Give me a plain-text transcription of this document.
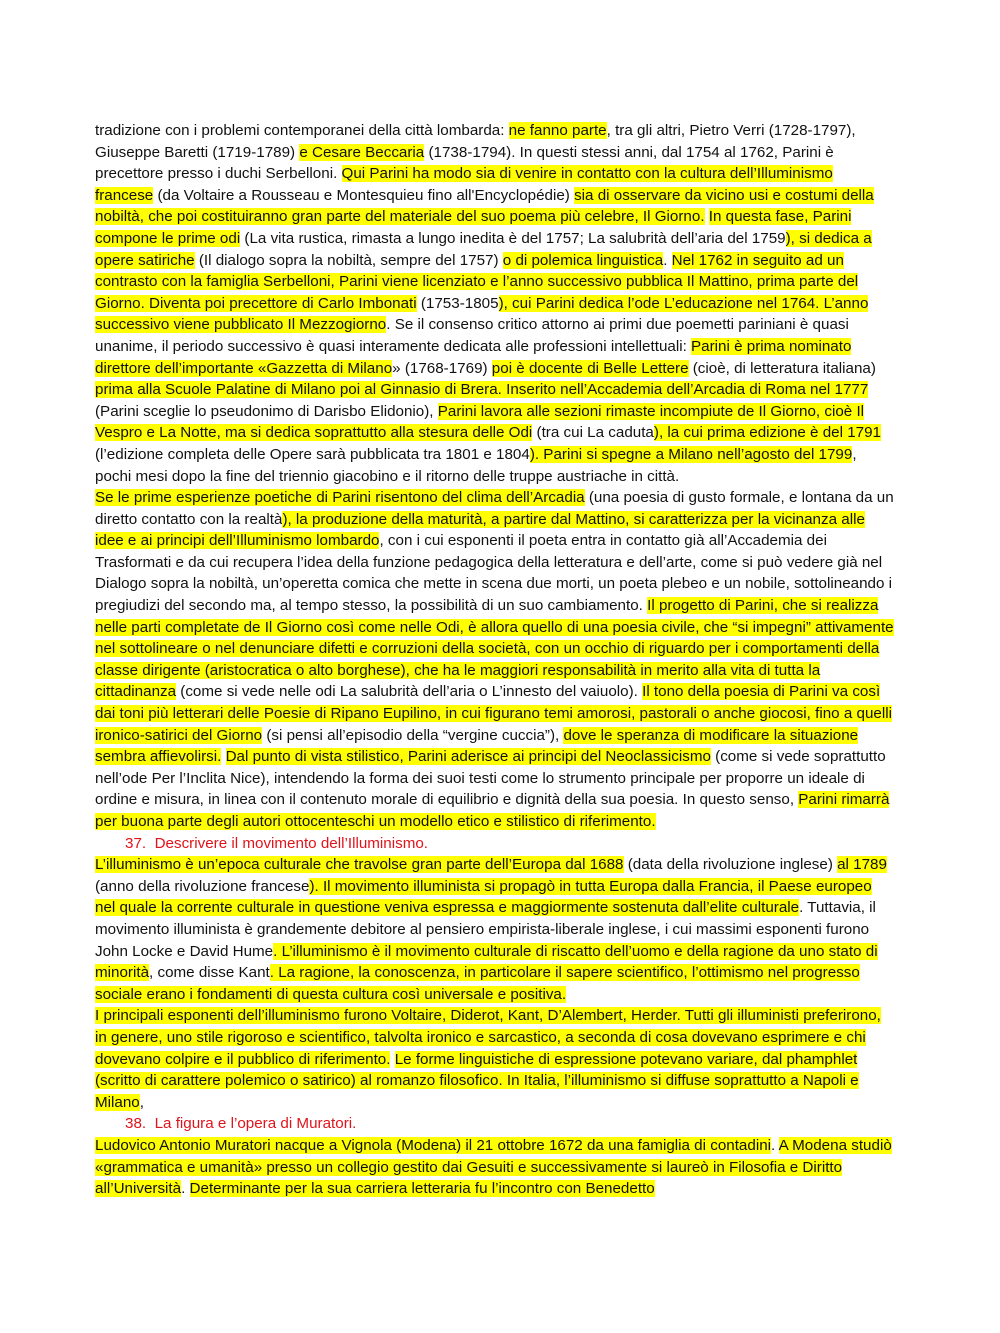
tradizione con i problemi contemporanei della città lombarda: ne fanno parte, tra gli altri, Pietro Verri (1728-1797), Giuseppe Baretti (1719-1789) e Cesare Beccaria (1738-1794). In questi stessi anni, dal 1754 al 1762, Parini è precettore presso i duchi Serbelloni. Qui Parini ha modo sia di venire in contatto con la cultura dell’Illuminismo francese (da Voltaire a Rousseau e Montesquieu fino all'Encyclopédie) sia di osservare da vicino usi e costumi della nobiltà, che poi costituiranno gran parte del materiale del suo poema più celebre, Il Giorno. In questa fase, Parini compone le prime odi (La vita rustica, rimasta a lungo inedita è del 1757; La salubrità dell’aria del 1759), si dedica a opere satiriche (Il dialogo sopra la nobiltà, sempre del 1757) o di polemica linguistica. Nel 1762 in seguito ad un contrasto con la famiglia Serbelloni, Parini viene licenziato e l’anno successivo pubblica Il Mattino, prima parte del Giorno. Diventa poi precettore di Carlo Imbonati (1753-1805), cui Parini dedica l’ode L’educazione nel 1764. L’anno successivo viene pubblicato Il Mezzogiorno. Se il consenso critico attorno ai primi due poemetti pariniani è quasi unanime, il periodo successivo è quasi interamente dedicata alle professioni intellettuali: Parini è prima nominato direttore dell’importante «Gazzetta di Milano» (1768-1769) poi è docente di Belle Lettere (cioè, di letteratura italiana) prima alla Scuole Palatine di Milano poi al Ginnasio di Brera. Inserito nell’Accademia dell’Arcadia di Roma nel 1777 (Parini sceglie lo pseudonimo di Darisbo Elidonio), Parini lavora alle sezioni rimaste incompiute de Il Giorno, cioè Il Vespro e La Notte, ma si dedica soprattutto alla stesura delle Odi (tra cui La caduta), la cui prima edizione è del 1791 (l’edizione completa delle Opere sarà pubblicata tra 1801 e 1804). Parini si spegne a Milano nell’agosto del 1799, pochi mesi dopo la fine del triennio giacobino e il ritorno delle truppe austriache in città.

Se le prime esperienze poetiche di Parini risentono del clima dell’Arcadia (una poesia di gusto formale, e lontana da un diretto contatto con la realtà), la produzione della maturità, a partire dal Mattino, si caratterizza per la vicinanza alle idee e ai principi dell’Illuminismo lombardo, con i cui esponenti il poeta entra in contatto già all’Accademia dei Trasformati e da cui recupera l’idea della funzione pedagogica della letteratura e dell’arte, come si può vedere già nel Dialogo sopra la nobiltà, un’operetta comica che mette in scena due morti, un poeta plebeo e un nobile, sottolineando i pregiudizi del secondo ma, al tempo stesso, la possibilità di un suo cambiamento. Il progetto di Parini, che si realizza nelle parti completate de Il Giorno così come nelle Odi, è allora quello di una poesia civile, che “si impegni” attivamente nel sottolineare o nel denunciare difetti e corruzioni della società, con un occhio di riguardo per i comportamenti della classe dirigente (aristocratica o alto borghese), che ha le maggiori responsabilità in merito alla vita di tutta la cittadinanza (come si vede nelle odi La salubrità dell’aria o L’innesto del vaiuolo). Il tono della poesia di Parini va così dai toni più letterari delle Poesie di Ripano Eupilino, in cui figurano temi amorosi, pastorali o anche giocosi, fino a quelli ironico-satirici del Giorno (si pensi all’episodio della “vergine cuccia”), dove le speranza di modificare la situazione sembra affievolirsi. Dal punto di vista stilistico, Parini aderisce ai principi del Neoclassicismo (come si vede soprattutto nell’ode Per l’Inclita Nice), intendendo la forma dei suoi testi come lo strumento principale per proporre un ideale di ordine e misura, in linea con il contenuto morale di equilibrio e dignità della sua poesia. In questo senso, Parini rimarrà per buona parte degli autori ottocenteschi un modello etico e stilistico di riferimento.

37. Descrivere il movimento dell’Illuminismo.

L’illuminismo è un’epoca culturale che travolse gran parte dell’Europa dal 1688 (data della rivoluzione inglese) al 1789 (anno della rivoluzione francese). Il movimento illuminista si propagò in tutta Europa dalla Francia, il Paese europeo nel quale la corrente culturale in questione veniva espressa e maggiormente sostenuta dall’elite culturale. Tuttavia, il movimento illuminista è grandemente debitore al pensiero empirista-liberale inglese, i cui massimi esponenti furono John Locke e David Hume. L’illuminismo è il movimento culturale di riscatto dell’uomo e della ragione da uno stato di minorità, come disse Kant. La ragione, la conoscenza, in particolare il sapere scientifico, l’ottimismo nel progresso sociale erano i fondamenti di questa cultura così universale e positiva.

I principali esponenti dell’illuminismo furono Voltaire, Diderot, Kant, D’Alembert, Herder. Tutti gli illuministi preferirono, in genere, uno stile rigoroso e scientifico, talvolta ironico e sarcastico, a seconda di cosa dovevano esprimere e chi dovevano colpire e il pubblico di riferimento. Le forme linguistiche di espressione potevano variare, dal phamphlet (scritto di carattere polemico o satirico) al romanzo filosofico. In Italia, l’illuminismo si diffuse soprattutto a Napoli e Milano,

38. La figura e l’opera di Muratori.

Ludovico Antonio Muratori nacque a Vignola (Modena) il 21 ottobre 1672 da una famiglia di contadini. A Modena studiò «grammatica e umanità» presso un collegio gestito dai Gesuiti e successivamente si laureò in Filosofia e Diritto all’Università. Determinante per la sua carriera letteraria fu l’incontro con Benedetto
